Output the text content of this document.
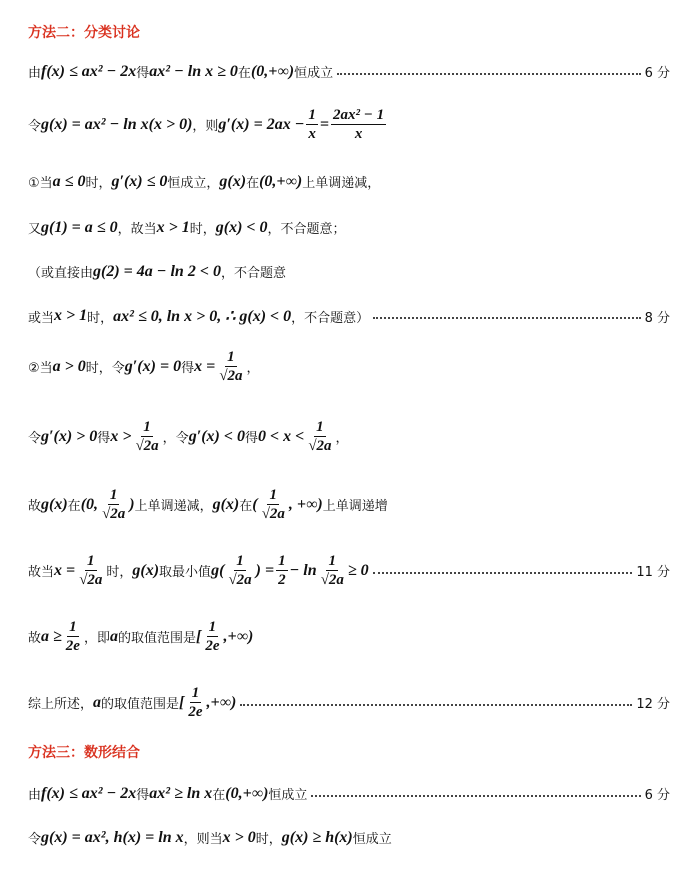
方法二：分类讨论
由 f(x) ≤ ax² − 2x 得 ax² − ln x ≥ 0 在 (0,+∞) 恒成立	6 分
令 g(x) = ax² − ln x(x > 0) ，则 $g'(x) = 2ax - \frac{1}{x} = \frac{\text{2ax² − 1}}{x}$
①当 a ≤ 0 时， g′(x) ≤ 0 恒成立， g(x) 在 (0,+∞) 上单调递减，
又 g(1) = a ≤ 0 ，故当 x > 1 时， g(x) < 0 ，不合题意；
（或直接由 g(2) = 4a − ln 2 < 0 ，不合题意
或当 x > 1 时， ax² ≤ 0, ln x > 0, ∴ g(x) < 0 ，不合题意）	8 分
②当 a > 0 时，令 g′(x) = 0 得 $x = \frac{1}{√2a}$ ，
令 g′(x) > 0 得 $x > \frac{1}{√2a}$ ，令 g′(x) < 0 得 $0 < x < \frac{1}{√2a}$ ，
故 g(x) 在 (0, $\frac{1}{√2a}$ ) 上单调递减， g(x) 在 ( $\frac{1}{√2a}$ , +∞) 上单调递增
故当 $x = \frac{1}{√2a}$ 时， g(x) 取最小值 $g( \frac{1}{√2a}$ ) = $\frac{1}{2} - \ln \frac{1}{√2a} \ge 0$	11 分
故 $a \ge \frac{1}{2e}$ ，即 a 的取值范围是 [ $\frac{1}{2e}$ ,+∞)
综上所述， a 的取值范围是 [ $\frac{1}{2e}$ ,+∞)	12 分
方法三：数形结合
由 f(x) ≤ ax² − 2x 得 ax² ≥ ln x 在 (0,+∞) 恒成立	6 分
令 g(x) = ax², h(x) = ln x ，则当 x > 0 时， g(x) ≥ h(x) 恒成立
